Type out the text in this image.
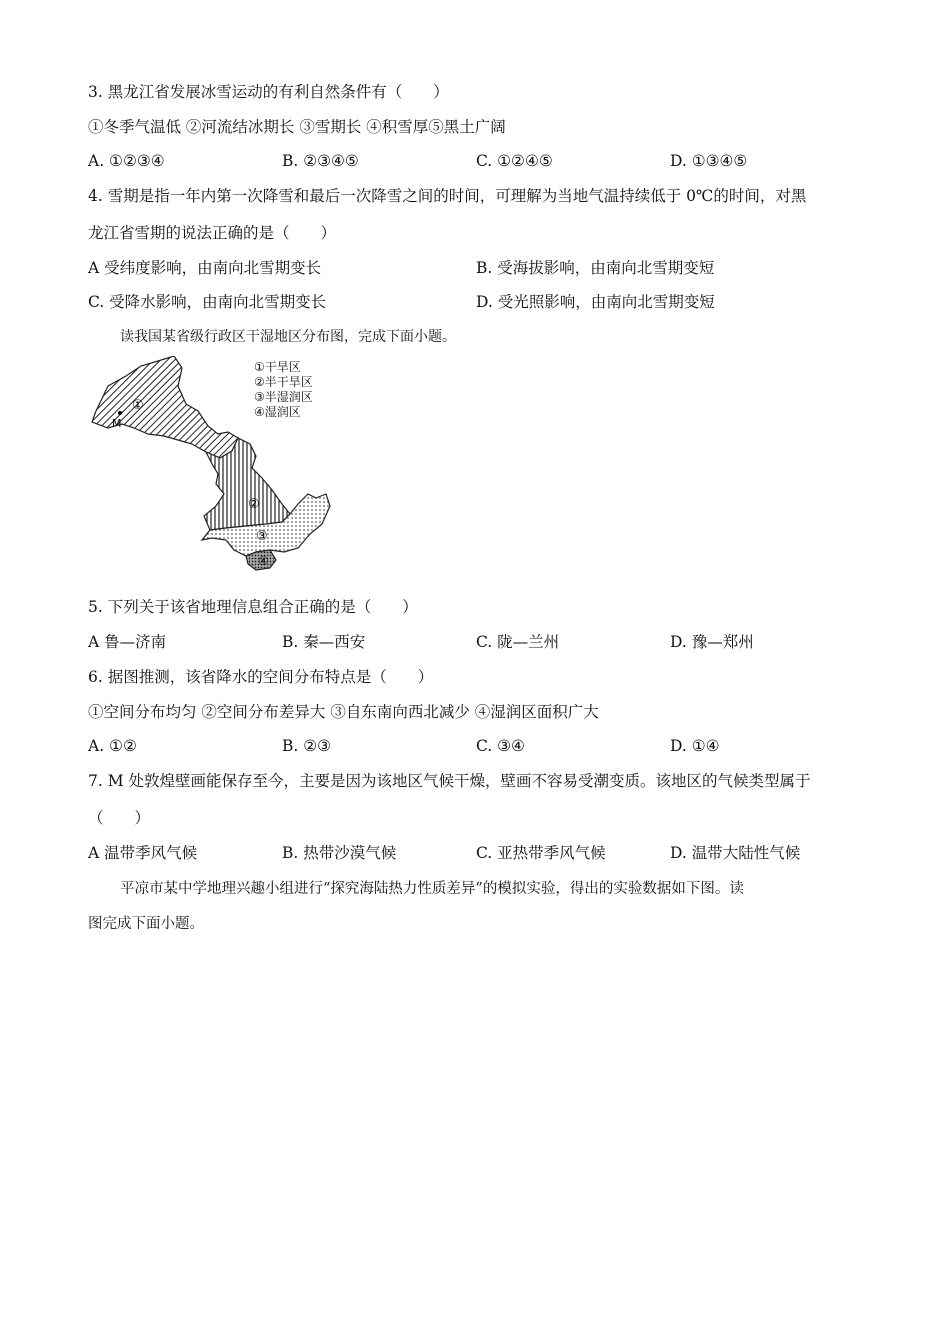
3. 黑龙江省发展冰雪运动的有利自然条件有（　　）
①冬季气温低 ②河流结冰期长 ③雪期长 ④积雪厚⑤黑土广阔
A. ①②③④	B. ②③④⑤	C. ①②④⑤	D. ①③④⑤
4. 雪期是指一年内第一次降雪和最后一次降雪之间的时间，可理解为当地气温持续低于 0℃的时间，对黑
龙江省雪期的说法正确的是（　　）
A 受纬度影响，由南向北雪期变长	B. 受海拔影响，由南向北雪期变短
C. 受降水影响，由南向北雪期变长	D. 受光照影响，由南向北雪期变短
读我国某省级行政区干湿地区分布图，完成下面小题。
①
②
③
④
M
①干旱区
②半干旱区
③半湿润区
④湿润区
5. 下列关于该省地理信息组合正确的是（　　）
A 鲁—济南	B. 秦—西安	C. 陇—兰州	D. 豫—郑州
6. 据图推测，该省降水的空间分布特点是（　　）
①空间分布均匀 ②空间分布差异大 ③自东南向西北减少 ④湿润区面积广大
A. ①②	B. ②③	C. ③④	D. ①④
7. M 处敦煌壁画能保存至今，主要是因为该地区气候干燥，壁画不容易受潮变质。该地区的气候类型属于
（　　）
A 温带季风气候	B. 热带沙漠气候	C. 亚热带季风气候	D. 温带大陆性气候
平凉市某中学地理兴趣小组进行“探究海陆热力性质差异”的模拟实验，得出的实验数据如下图。读
图完成下面小题。
